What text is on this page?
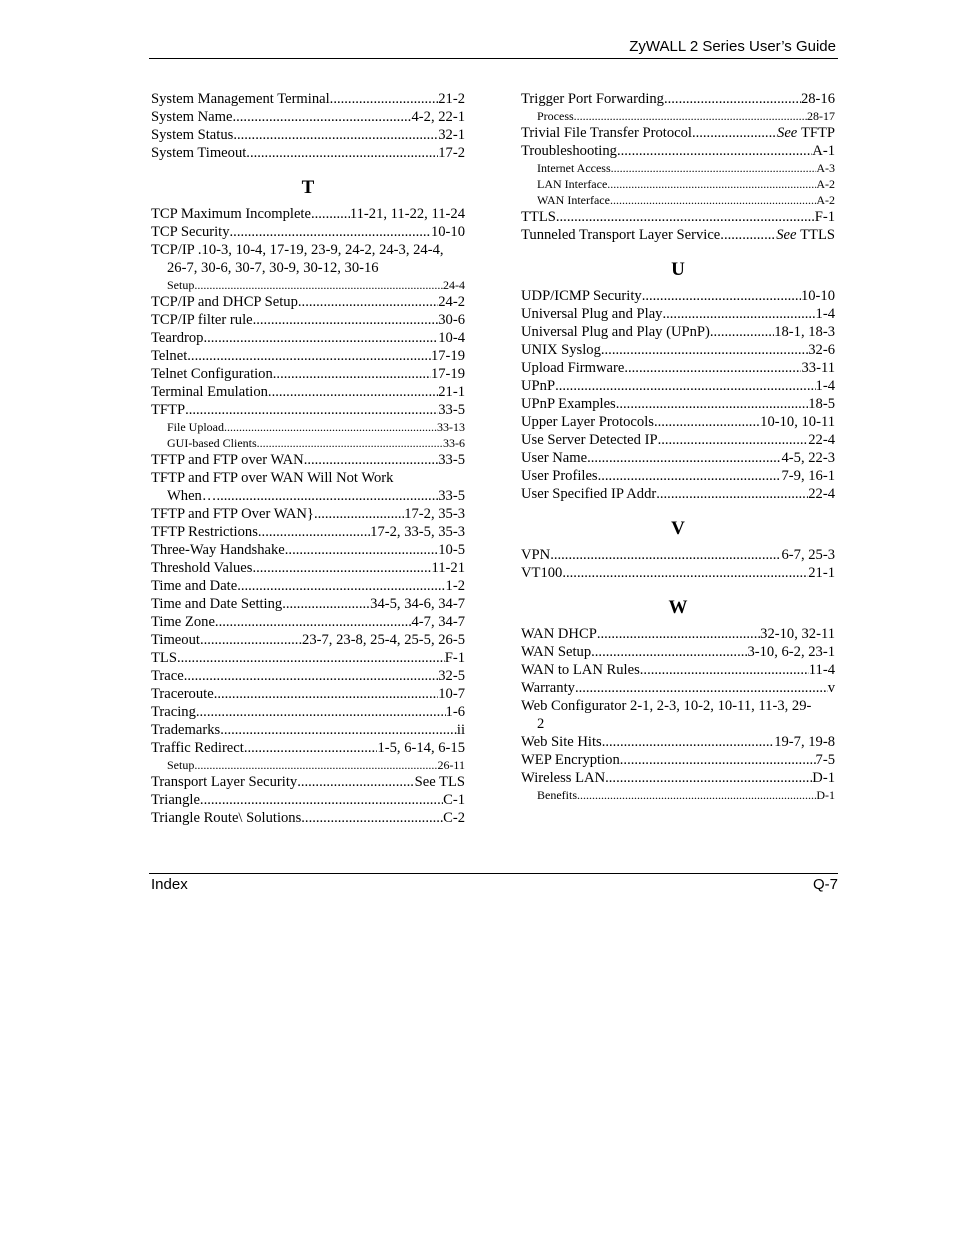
ZyWALL 2 Series User’s Guide
System Management Terminal .....	21-2
System Name .....	4-2, 22-1
System Status .....	32-1
System Timeout .....	17-2
T
TCP Maximum Incomplete .....	11-21, 11-22, 11-24
TCP Security .....	10-10
TCP/IP .10-3, 10-4, 17-19, 23-9, 24-2, 24-3, 24-4,
26-7, 30-6, 30-7, 30-9, 30-12, 30-16
Setup .....	24-4
TCP/IP and DHCP Setup .....	24-2
TCP/IP filter rule .....	30-6
Teardrop .....	10-4
Telnet .....	17-19
Telnet Configuration .....	17-19
Terminal Emulation .....	21-1
TFTP .....	33-5
File Upload .....	33-13
GUI-based Clients .....	33-6
TFTP and FTP over WAN .....	33-5
TFTP and FTP over WAN Will Not Work
When…. .....	33-5
TFTP and FTP Over WAN} .....	17-2, 35-3
TFTP Restrictions .....	17-2, 33-5, 35-3
Three-Way Handshake .....	10-5
Threshold Values .....	11-21
Time and Date .....	1-2
Time and Date Setting .....	34-5, 34-6, 34-7
Time Zone .....	4-7, 34-7
Timeout .....	23-7, 23-8, 25-4, 25-5, 26-5
TLS .....	F-1
Trace .....	32-5
Traceroute .....	10-7
Tracing .....	1-6
Trademarks .....	ii
Traffic Redirect .....	1-5, 6-14, 6-15
Setup .....	26-11
Transport Layer Security .....	See TLS
Triangle .....	C-1
Triangle Route\ Solutions .....	C-2
Trigger Port Forwarding .....	28-16
Process .....	28-17
Trivial File Transfer Protocol .....	See
TFTP
Troubleshooting .....	A-1
Internet Access .....	A-3
LAN Interface .....	A-2
WAN Interface .....	A-2
TTLS .....	F-1
Tunneled Transport Layer Service .....	See
TTLS
U
UDP/ICMP Security .....	10-10
Universal Plug and Play .....	1-4
Universal Plug and Play (UPnP) .....	18-1, 18-3
UNIX Syslog .....	32-6
Upload Firmware .....	33-11
UPnP .....	1-4
UPnP Examples .....	18-5
Upper Layer Protocols .....	10-10, 10-11
Use Server Detected IP .....	22-4
User Name .....	4-5, 22-3
User Profiles .....	7-9, 16-1
User Specified IP Addr .....	22-4
V
VPN .....	6-7, 25-3
VT100 .....	21-1
W
WAN DHCP .....	32-10, 32-11
WAN Setup .....	3-10, 6-2, 23-1
WAN to LAN Rules .....	11-4
Warranty .....	v
Web Configurator 2-1, 2-3, 10-2, 10-11, 11-3, 29-
2
Web Site Hits .....	19-7, 19-8
WEP Encryption .....	7-5
Wireless LAN .....	D-1
Benefits .....	D-1
Index	Q-7
